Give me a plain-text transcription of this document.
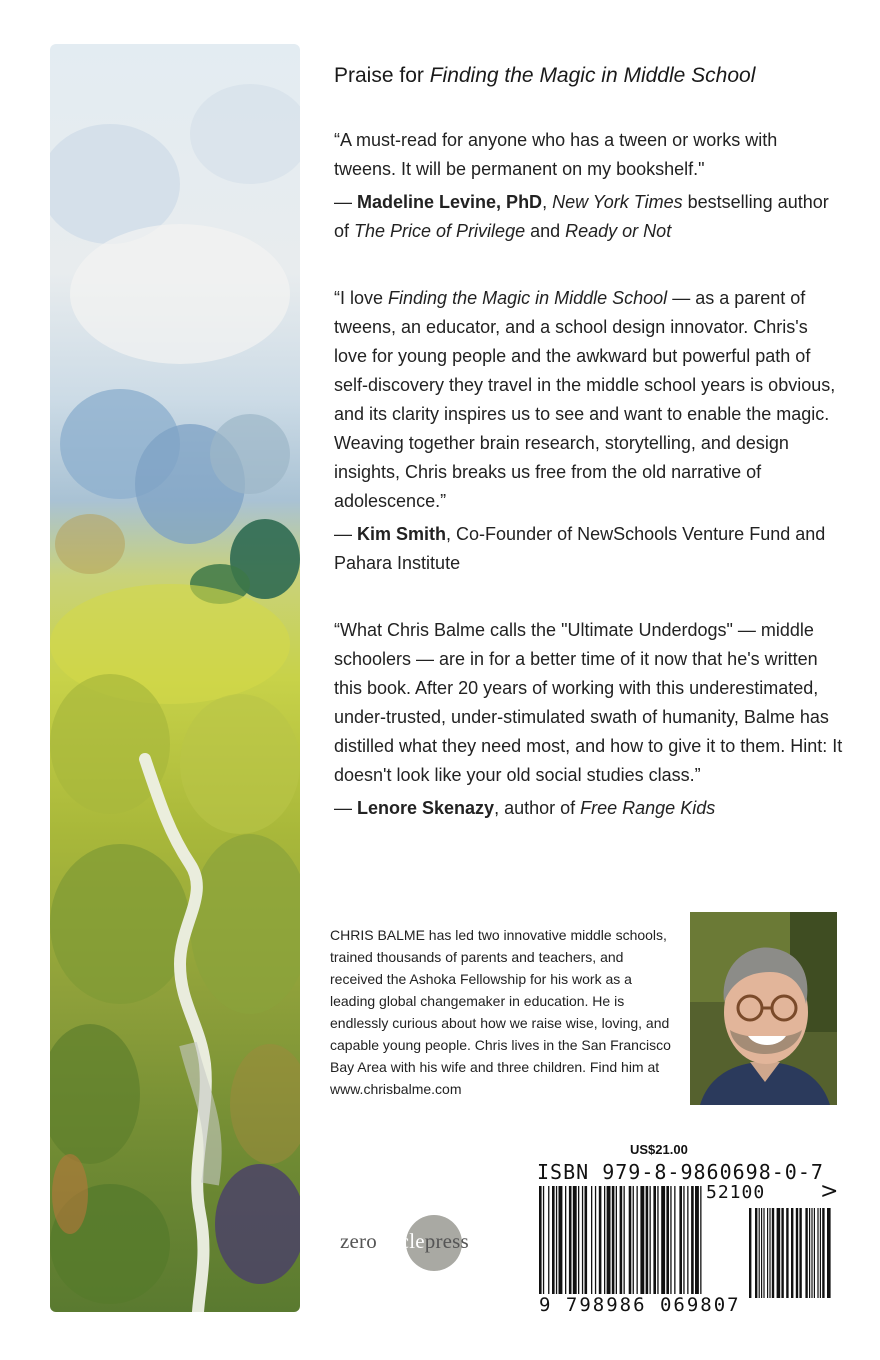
Praise for Finding the Magic in Middle School

“A must-read for anyone who has a tween or works with tweens. It will be permanent on my bookshelf."

— Madeline Levine, PhD, New York Times bestselling author of The Price of Privilege and Ready or Not

“I love Finding the Magic in Middle School — as a parent of tweens, an educator, and a school design innovator. Chris's love for young people and the awkward but powerful path of self-discovery they travel in the middle school years is obvious, and its clarity inspires us to see and want to enable the magic. Weaving together brain research, storytelling, and design insights, Chris breaks us free from the old narrative of adolescence.”

— Kim Smith, Co-Founder of NewSchools Venture Fund and Pahara Institute

“What Chris Balme calls the "Ultimate Underdogs" — middle schoolers — are in for a better time of it now that he's written this book. After 20 years of working with this underestimated, under-trusted, under-stimulated swath of humanity, Balme has distilled what they need most, and how to give it to them. Hint: It doesn't look like your old social studies class.”

— Lenore Skenazy, author of Free Range Kids

CHRIS BALME has led two innovative middle schools, trained thousands of parents and teachers, and received the Ashoka Fellowship for his work as a leading global changemaker in education. He is endlessly curious about how we raise wise, loving, and capable young people. Chris lives in the San Francisco Bay Area with his wife and three children. Find him at www.chrisbalme.com

zerocirclepress
US$21.00
ISBN 979-8-9860698-0-7
52100 >
9 798986 069807
